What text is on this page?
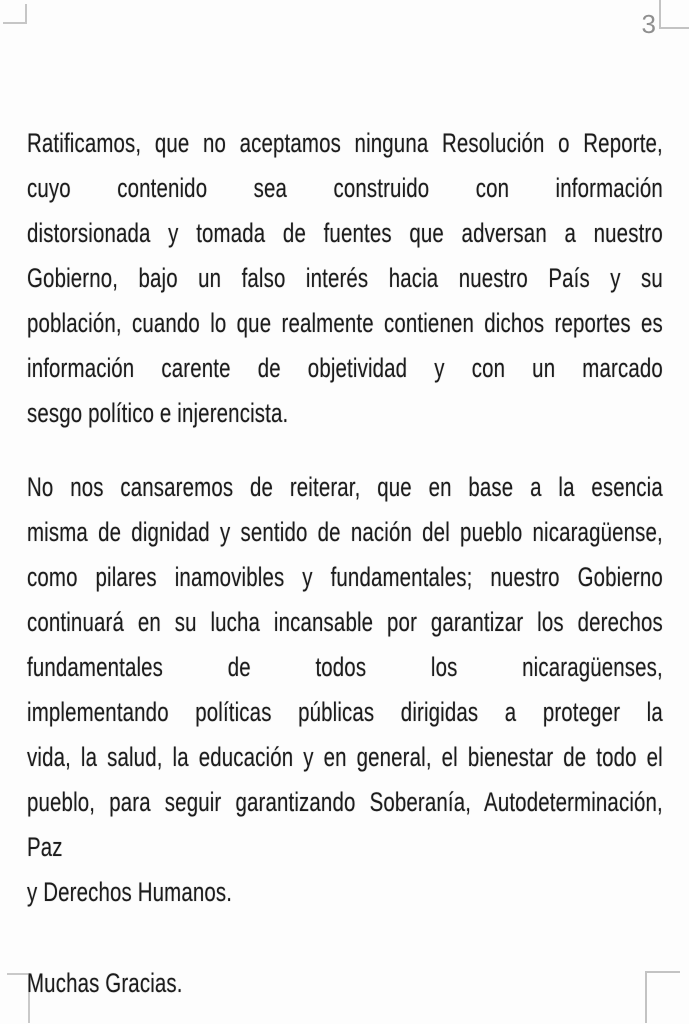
3
Ratificamos, que no aceptamos ninguna Resolución o Reporte,
cuyo contenido sea construido con información
distorsionada y tomada de fuentes que adversan a nuestro
Gobierno, bajo un falso interés hacia nuestro País y su
población, cuando lo que realmente contienen dichos reportes es
información carente de objetividad y con un marcado
sesgo político e injerencista.
No nos cansaremos de reiterar, que en base a la esencia
misma de dignidad y sentido de nación del pueblo nicaragüense,
como pilares inamovibles y fundamentales; nuestro Gobierno
continuará en su lucha incansable por garantizar los derechos
fundamentales de todos los nicaragüenses,
implementando políticas públicas dirigidas a proteger la
vida, la salud, la educación y en general, el bienestar de todo el
pueblo, para seguir garantizando Soberanía, Autodeterminación, Paz
y Derechos Humanos.
Muchas Gracias.
